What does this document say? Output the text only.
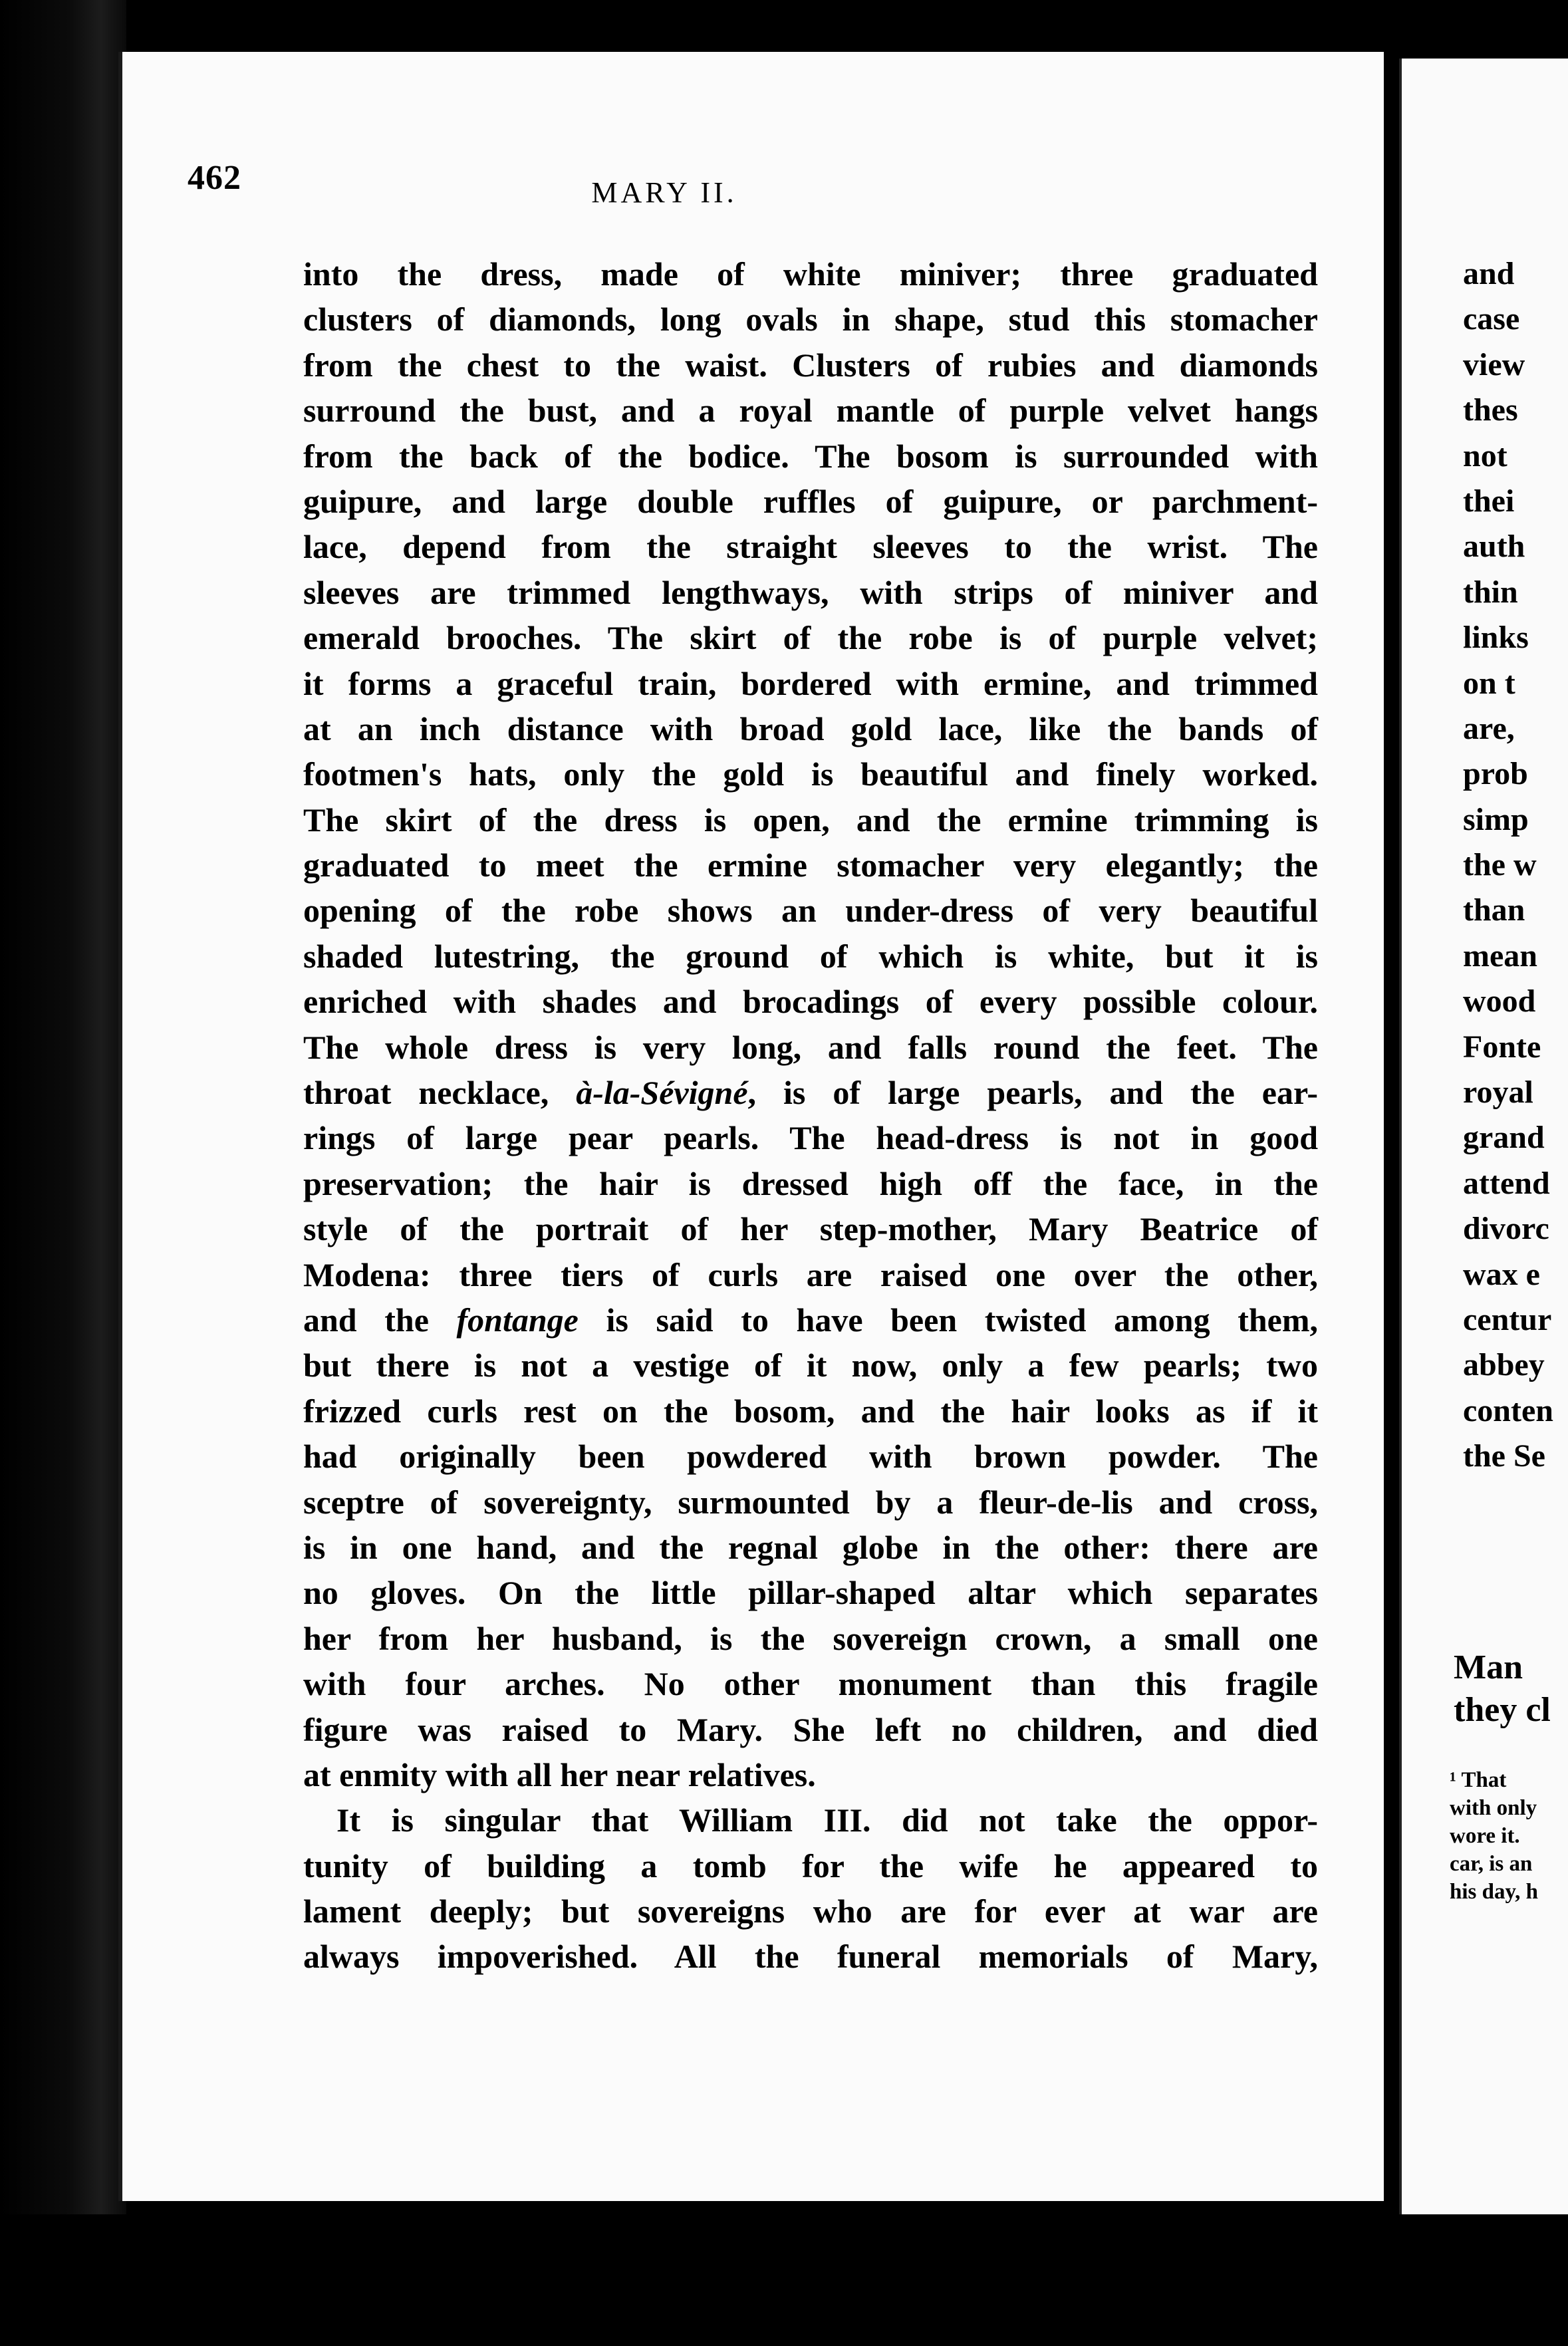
462	MARY II.

into the dress, made of white miniver; three graduated
clusters of diamonds, long ovals in shape, stud this stomacher
from the chest to the waist. Clusters of rubies and diamonds
surround the bust, and a royal mantle of purple velvet hangs
from the back of the bodice. The bosom is surrounded with
guipure, and large double ruffles of guipure, or parchment-
lace, depend from the straight sleeves to the wrist. The
sleeves are trimmed lengthways, with strips of miniver and
emerald brooches. The skirt of the robe is of purple velvet;
it forms a graceful train, bordered with ermine, and trimmed
at an inch distance with broad gold lace, like the bands of
footmen's hats, only the gold is beautiful and finely worked.
The skirt of the dress is open, and the ermine trimming is
graduated to meet the ermine stomacher very elegantly; the
opening of the robe shows an under-dress of very beautiful
shaded lutestring, the ground of which is white, but it is
enriched with shades and brocadings of every possible colour.
The whole dress is very long, and falls round the feet. The
throat necklace, à-la-Sévigné, is of large pearls, and the ear-
rings of large pear pearls. The head-dress is not in good
preservation; the hair is dressed high off the face, in the
style of the portrait of her step-mother, Mary Beatrice of
Modena: three tiers of curls are raised one over the other,
and the fontange is said to have been twisted among them,
but there is not a vestige of it now, only a few pearls; two
frizzed curls rest on the bosom, and the hair looks as if it
had originally been powdered with brown powder. The
sceptre of sovereignty, surmounted by a fleur-de-lis and cross,
is in one hand, and the regnal globe in the other: there are
no gloves. On the little pillar-shaped altar which separates
her from her husband, is the sovereign crown, a small one
with four arches. No other monument than this fragile
figure was raised to Mary. She left no children, and died
at enmity with all her near relatives.
It is singular that William III. did not take the oppor-
tunity of building a tomb for the wife he appeared to
lament deeply; but sovereigns who are for ever at war are
always impoverished. All the funeral memorials of Mary,
and
case
view
thes
not
thei
auth
thin
links
on t
are,
prob
simp
the w
than
mean
wood
Fonte
royal
grand
attend
divorc
wax e
centur
abbey
conten
the Se
Man
they cl
¹ That
with only
wore it.
car, is an
his day, h
